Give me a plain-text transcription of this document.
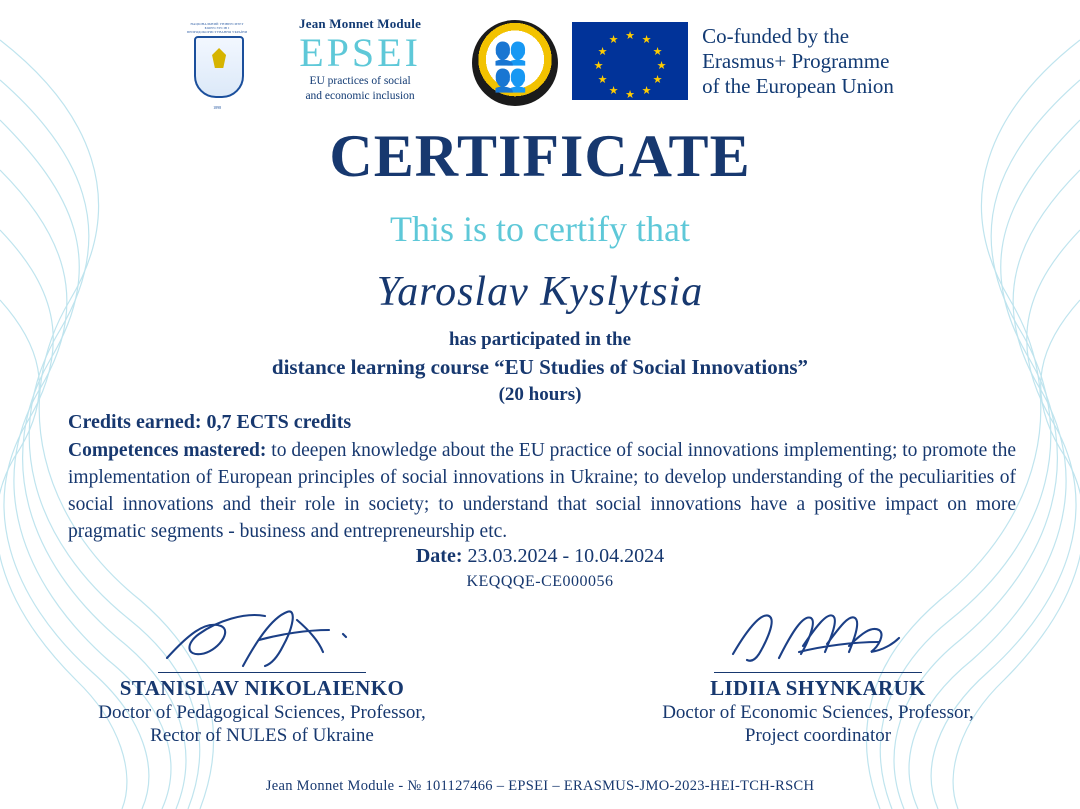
НАЦІОНАЛЬНИЙ УНІВЕРСИТЕТ БІОРЕСУРСІВ І ПРИРОДОКОРИСТУВАННЯ УКРАЇНИ
1898
Jean Monnet Module
EPSEI
EU practices of social
and economic inclusion
👥👥
★ ★
★
★
★
★
★
★
★
★
★
★	Co-funded by the
Erasmus+ Programme
of the European Union
CERTIFICATE
This is to certify that
Yaroslav Kyslytsia
has participated in the
distance learning course “EU Studies of Social Innovations”
(20 hours)
Credits earned: 0,7 ECTS credits
Competences mastered: to deepen knowledge about the EU practice of social innovations implementing; to promote the implementation of European principles of social innovations in Ukraine; to develop understanding of the peculiarities of social innovations and their role in society; to understand that social innovations have a positive impact on more pragmatic segments - business and entrepreneurship etc.
Date: 23.03.2024 - 10.04.2024
KEQQQE-CE000056
STANISLAV NIKOLAIENKO
Doctor of Pedagogical Sciences, Professor,
Rector of NULES of Ukraine
LIDIIA SHYNKARUK
Doctor of Economic Sciences, Professor,
Project coordinator
Jean Monnet Module - № 101127466 – EPSEI – ERASMUS-JMO-2023-HEI-TCH-RSCH
